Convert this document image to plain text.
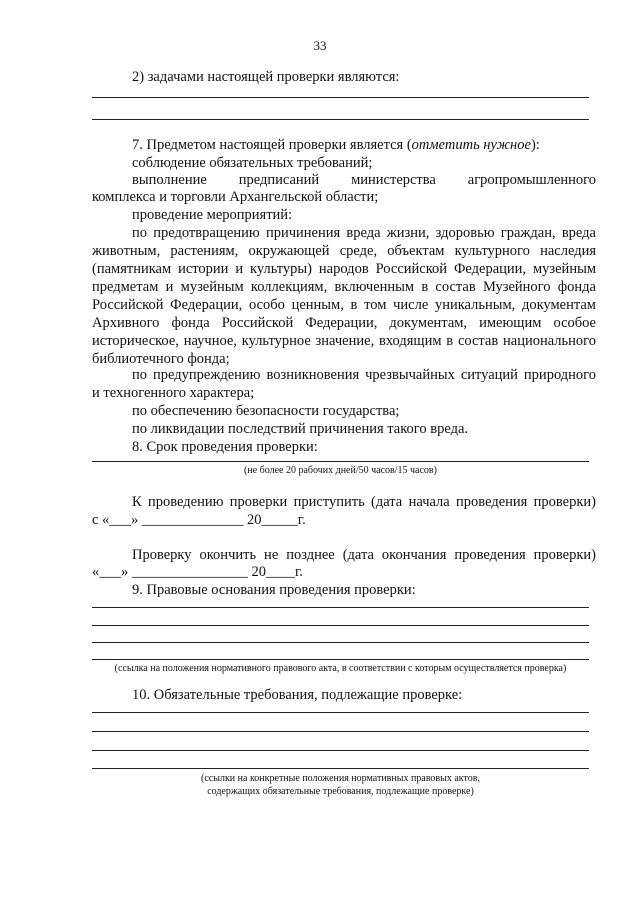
33
2) задачами настоящей проверки являются:
7. Предметом настоящей проверки является (отметить нужное):
соблюдение обязательных требований;
выполнение предписаний министерства агропромышленного
комплекса и торговли Архангельской области;
проведение мероприятий:
по предотвращению причинения вреда жизни, здоровью граждан, вреда
животным, растениям, окружающей среде, объектам культурного наследия
(памятникам истории и культуры) народов Российской Федерации, музейным
предметам и музейным коллекциям, включенным в состав Музейного фонда
Российской Федерации, особо ценным, в том числе уникальным, документам
Архивного фонда Российской Федерации, документам, имеющим особое
историческое, научное, культурное значение, входящим в состав национального
библиотечного фонда;
по предупреждению возникновения чрезвычайных ситуаций природного
и техногенного характера;
по обеспечению безопасности государства;
по ликвидации последствий причинения такого вреда.
8. Срок проведения проверки:
(не более 20 рабочих дней/50 часов/15 часов)
К проведению проверки приступить (дата начала проведения проверки)
с «___» ______________ 20_____г.
Проверку окончить не позднее (дата окончания проведения проверки)
«___» ________________ 20____г.
9. Правовые основания проведения проверки:
(ссылка на положения нормативного правового акта, в соответствии с которым осуществляется проверка)
10. Обязательные требования, подлежащие проверке:
(ссылки на конкретные положения нормативных правовых актов,
содержащих обязательные требования, подлежащие проверке)
